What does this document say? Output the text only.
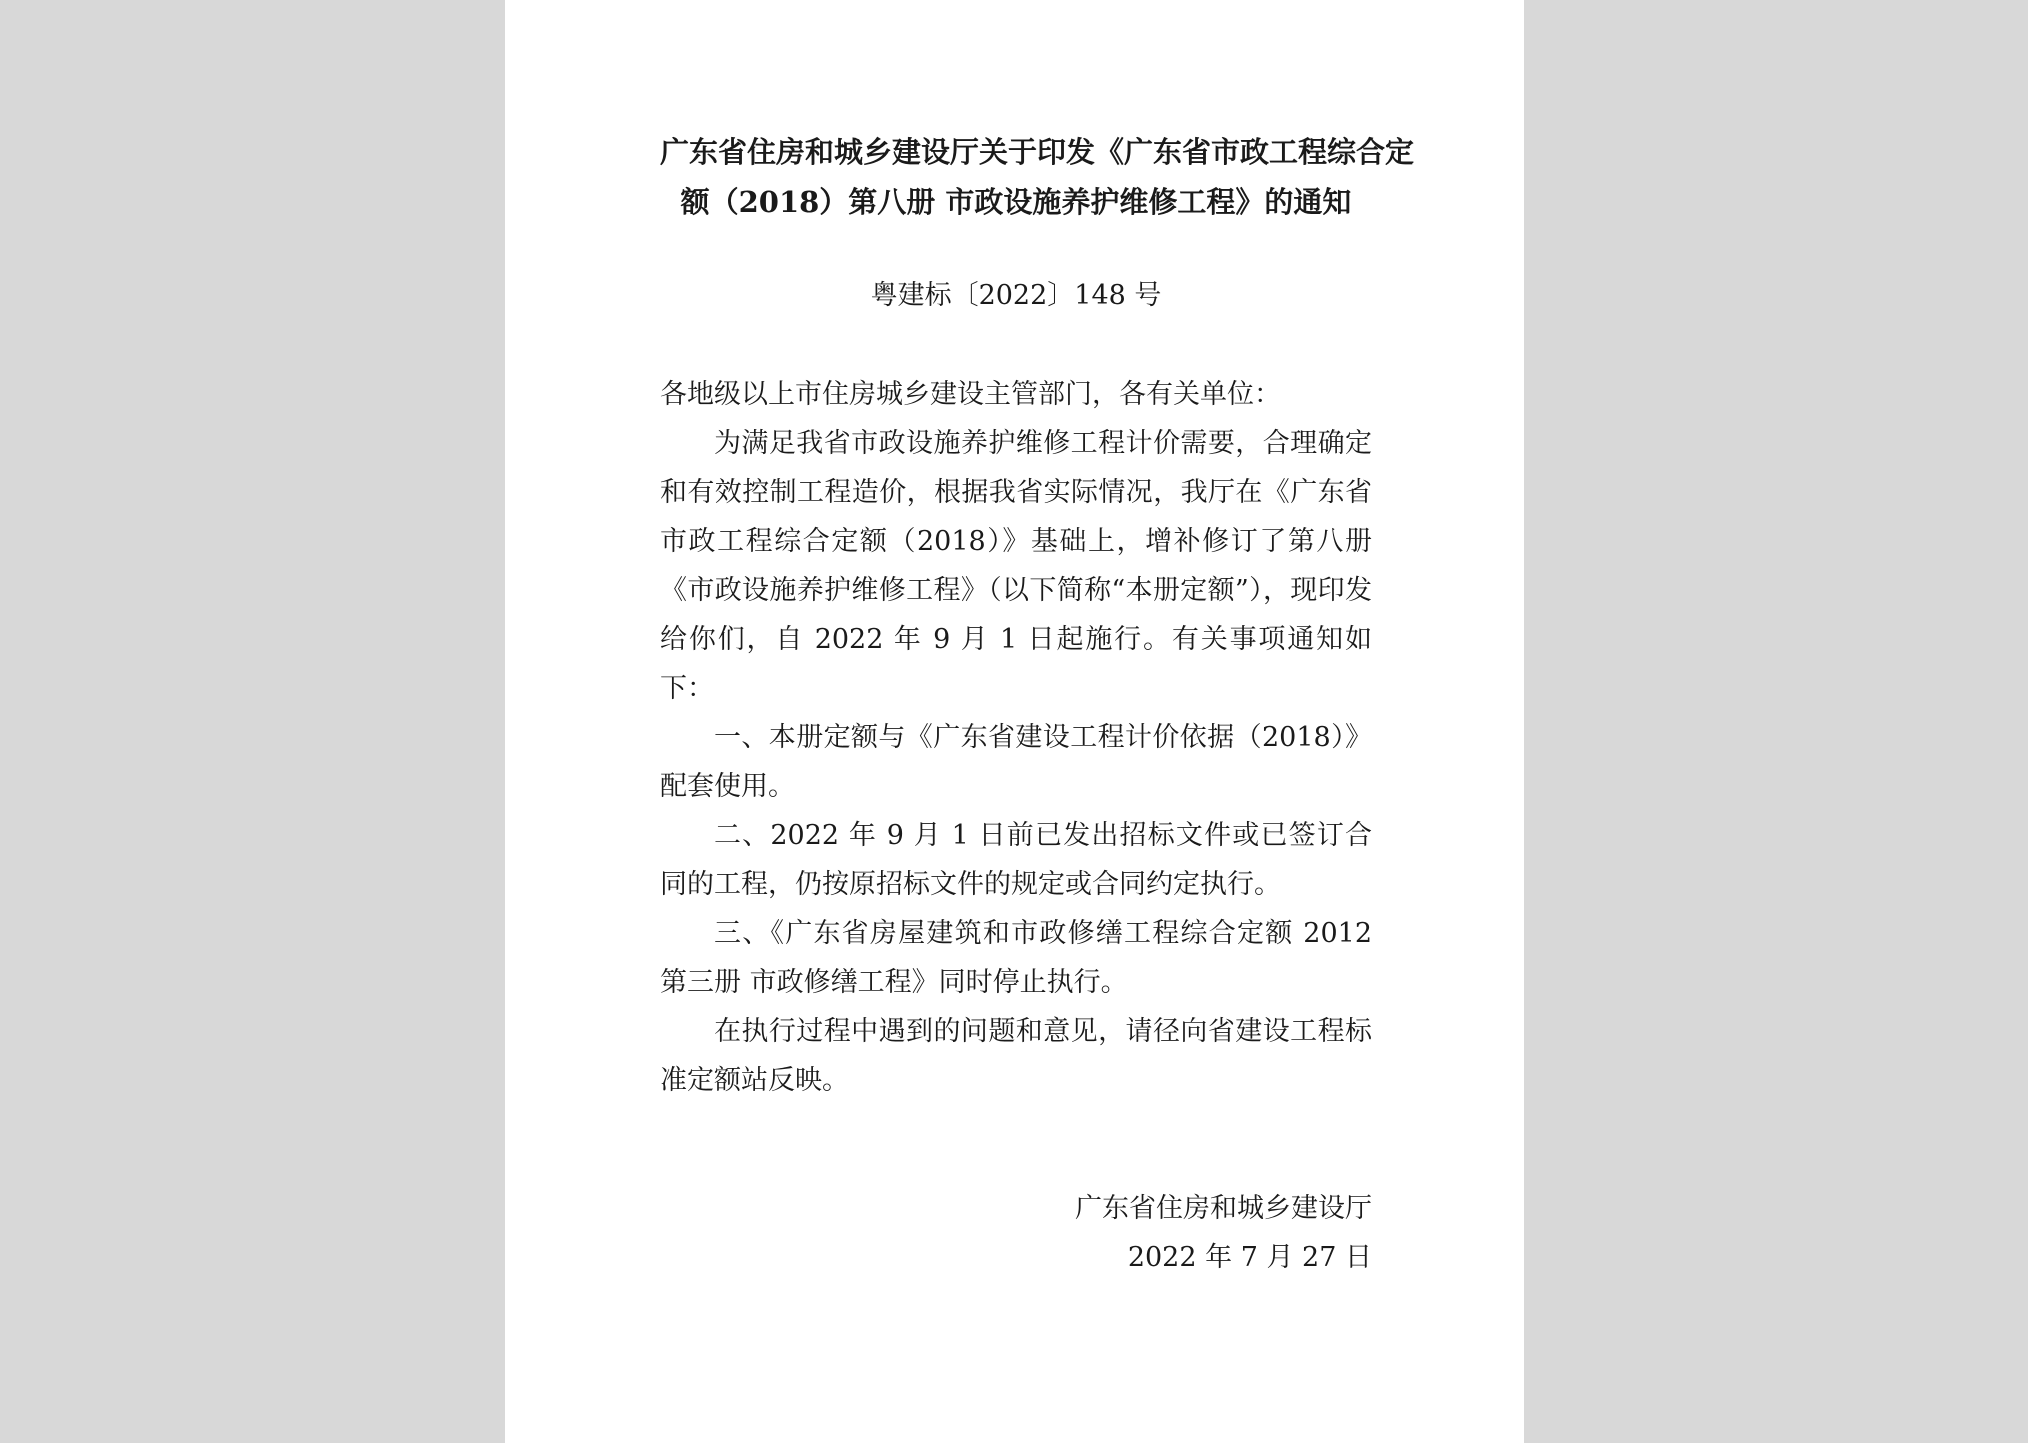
广东省住房和城乡建设厅关于印发《广东省市政工程综合定
额（2018）第八册 市政设施养护维修工程》的通知
粤建标〔2022〕148 号

各地级以上市住房城乡建设主管部门，各有关单位：

为满足我省市政设施养护维修工程计价需要，合理确定和有效控制工程造价，根据我省实际情况，我厅在《广东省市政工程综合定额（2018）》基础上，增补修订了第八册《市政设施养护维修工程》（以下简称“本册定额”），现印发给你们，自 2022 年 9 月 1 日起施行。有关事项通知如下：

一、本册定额与《广东省建设工程计价依据（2018）》配套使用。

二、2022 年 9 月 1 日前已发出招标文件或已签订合同的工程，仍按原招标文件的规定或合同约定执行。

三、《广东省房屋建筑和市政修缮工程综合定额 2012 第三册 市政修缮工程》同时停止执行。

在执行过程中遇到的问题和意见，请径向省建设工程标准定额站反映。

广东省住房和城乡建设厅
2022 年 7 月 27 日
